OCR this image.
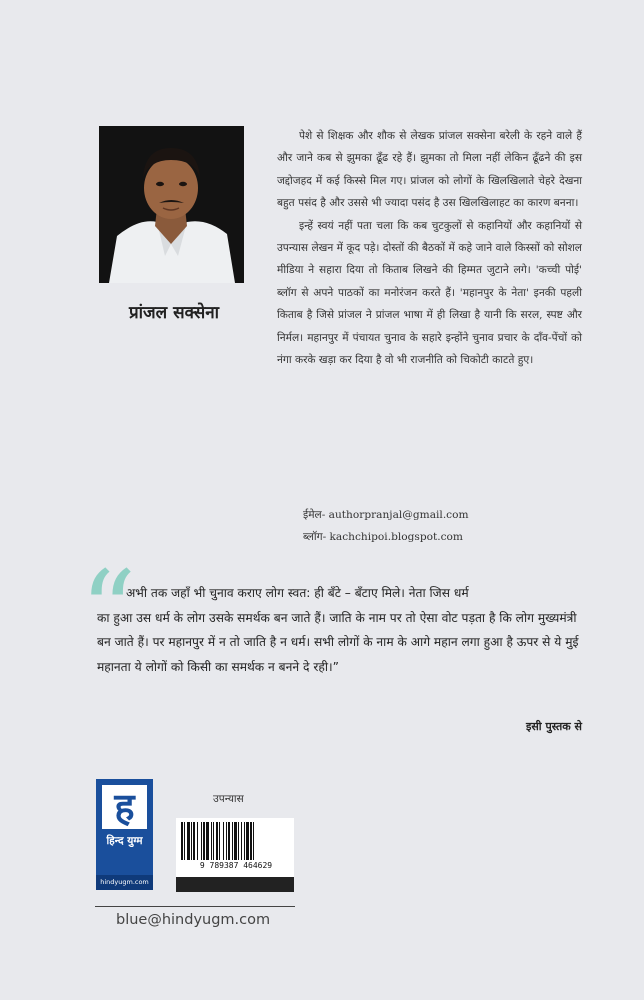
प्रांजल सक्सेना

पेशे से शिक्षक और शौक से लेखक प्रांजल सक्सेना बरेली के रहने वाले हैं और जाने कब से झुमका ढूँढ रहे हैं। झुमका तो मिला नहीं लेकिन ढूँढने की इस जद्दोजहद में कई किस्से मिल गए। प्रांजल को लोगों के खिलखिलाते चेहरे देखना बहुत पसंद है और उससे भी ज्यादा पसंद है उस खिलखिलाहट का कारण बनना।

इन्हें स्वयं नहीं पता चला कि कब चुटकुलों से कहानियों और कहानियों से उपन्यास लेखन में कूद पड़े। दोस्तों की बैठकों में कहे जाने वाले किस्सों को सोशल मीडिया ने सहारा दिया तो किताब लिखने की हिम्मत जुटाने लगे। 'कच्ची पोई' ब्लॉग से अपने पाठकों का मनोरंजन करते हैं। 'महानपुर के नेता' इनकी पहली किताब है जिसे प्रांजल ने प्रांजल भाषा में ही लिखा है यानी कि सरल, स्पष्ट और निर्मल। महानपुर में पंचायत चुनाव के सहारे इन्होंने चुनाव प्रचार के दाँव-पेंचों को नंगा करके खड़ा कर दिया है वो भी राजनीति को चिकोटी काटते हुए।

ईमेल- authorpranjal@gmail.com
ब्लॉग- kachchipoi.blogspot.com
“
अभी तक जहाँ भी चुनाव कराए लोग स्वत: ही बँटे – बँटाए मिले। नेता जिस धर्म
का हुआ उस धर्म के लोग उसके समर्थक बन जाते हैं। जाति के नाम पर तो ऐसा वोट पड़ता है कि लोग मुख्यमंत्री बन जाते हैं। पर महानपुर में न तो जाति है न धर्म। सभी लोगों के नाम के आगे महान लगा हुआ है ऊपर से ये मुई महानता ये लोगों को किसी का समर्थक न बनने दे रही।”
इसी पुस्तक से
ह
हिन्द युग्म
hindyugm.com
उपन्यास
9 789387 464629
blue@hindyugm.com
